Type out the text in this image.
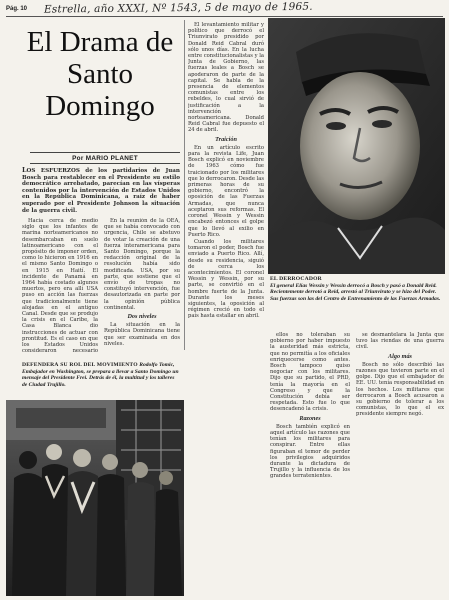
Pág. 10 Estrella, año XXXI, Nº 1543, 5 de mayo de 1965.
El Drama de Santo Domingo
Por MARIO PLANET
LOS ESFUERZOS de los partidarios de Juan Bosch para restablecer en el Presidente su estilo democrático arrebatado, parecían en las vísperas contenidos por la intervención de Estados Unidos en la República Dominicana, a raíz de haber superado por el Presidente Johnson la situación de la guerra civil.

Hacia cerca de medio siglo que los infantes de marina norteamericanos no desembarcaban en suelo latinoamericano con el propósito de imponer orden, como lo hicieron en 1916 en el mismo Santo Domingo o en 1915 en Haití. El incidente de Panamá en 1964 había costado algunos muertos, pero era allí USA puso en acción las fuerzas que tradicionalmente tiene alojadas en el antiguo Canal. Desde que se produjo la crisis en el Caribe, la Casa Blanca dio instrucciones de actuar con prontitud. Es el caso en que los Estados Unidos consideraron necesario

En la reunión de la OEA, que se había convocado con urgencia, Chile se abstuvo de votar la creación de una fuerza interamericana para Santo Domingo, porque la redacción original de la resolución había sido modificada. USA, por su parte, que sostiene que el envío de tropas no constituyó intervención, fue desautorizada en parte por la opinión pública continental.

Dos niveles

La situación en la República Dominicana tiene que ser examinada en dos niveles.

El levantamiento militar y político que derrocó el Triunvirato presidido por Donald Reid Cabral duró sólo unos días. En la lucha entre constitucionalistas y la Junta de Gobierno, las fuerzas leales a Bosch se apoderaron de parte de la capital. Se habla de la presencia de elementos comunistas entre los rebeldes, lo cual sirvió de justificación a la intervención norteamericana. Donald Reid Cabral fue depuesto el 24 de abril.

Traición

En un artículo escrito para la revista Life, Juan Bosch explicó en noviembre de 1963 cómo fue traicionado por los militares que lo derrocaron. Desde las primeras horas de su gobierno, encontró la oposición de las Fuerzas Armadas, que nunca aceptaron sus reformas. El coronel Wessin y Wessin encabezó entonces el golpe que lo llevó al exilio en Puerto Rico.

Cuando los militares tomaron el poder, Bosch fue enviado a Puerto Rico. Allí, desde su residencia, siguió de cerca los acontecimientos. El coronel Wessin y Wessin, por su parte, se convirtió en el hombre fuerte de la Junta. Durante los meses siguientes, la oposición al régimen creció en todo el país hasta estallar en abril.

EL DERROCADOR
El general Elías Wessin y Wessin derrocó a Bosch y pasó a Donald Reid. Recientemente derrotó a Reid, arrestó al Triunvirato y se hizo del Poder. Sus fuerzas son las del Centro de Entrenamiento de las Fuerzas Armadas.

ellos no toleraban su gobierno por haber impuesto la austeridad más estricta, que no permitía a los oficiales enriquecerse como antes. Bosch tampoco quiso negociar con los militares. Dijo que su partido, el PRD, tenía la mayoría en el Congreso y que la Constitución debía ser respetada. Esto fue lo que desencadenó la crisis.

Razones

Bosch también explicó en aquel artículo las razones que tenían los militares para conspirar. Entre ellas figuraban el temor de perder los privilegios adquiridos durante la dictadura de Trujillo y la influencia de los grandes terratenientes.

se desmantelara la Junta que tuvo las riendas de una guerra civil.

Algo más

Bosch no sólo describió las razones que tuvieron parte en el golpe. Dijo que el embajador de EE. UU. tenía responsabilidad en los hechos. Los militares que derrocaron a Bosch acusaron a su gobierno de tolerar a los comunistas, lo que el ex presidente siempre negó.

DEFENDERÁ SU ROL DEL MOVIMIENTO Rodolfo Tomic, Embajador en Washington, se prepara a llevar a Santo Domingo un mensaje del Presidente Frei. Detrás de él, la multitud y los talleres de Ciudad Trujillo.
